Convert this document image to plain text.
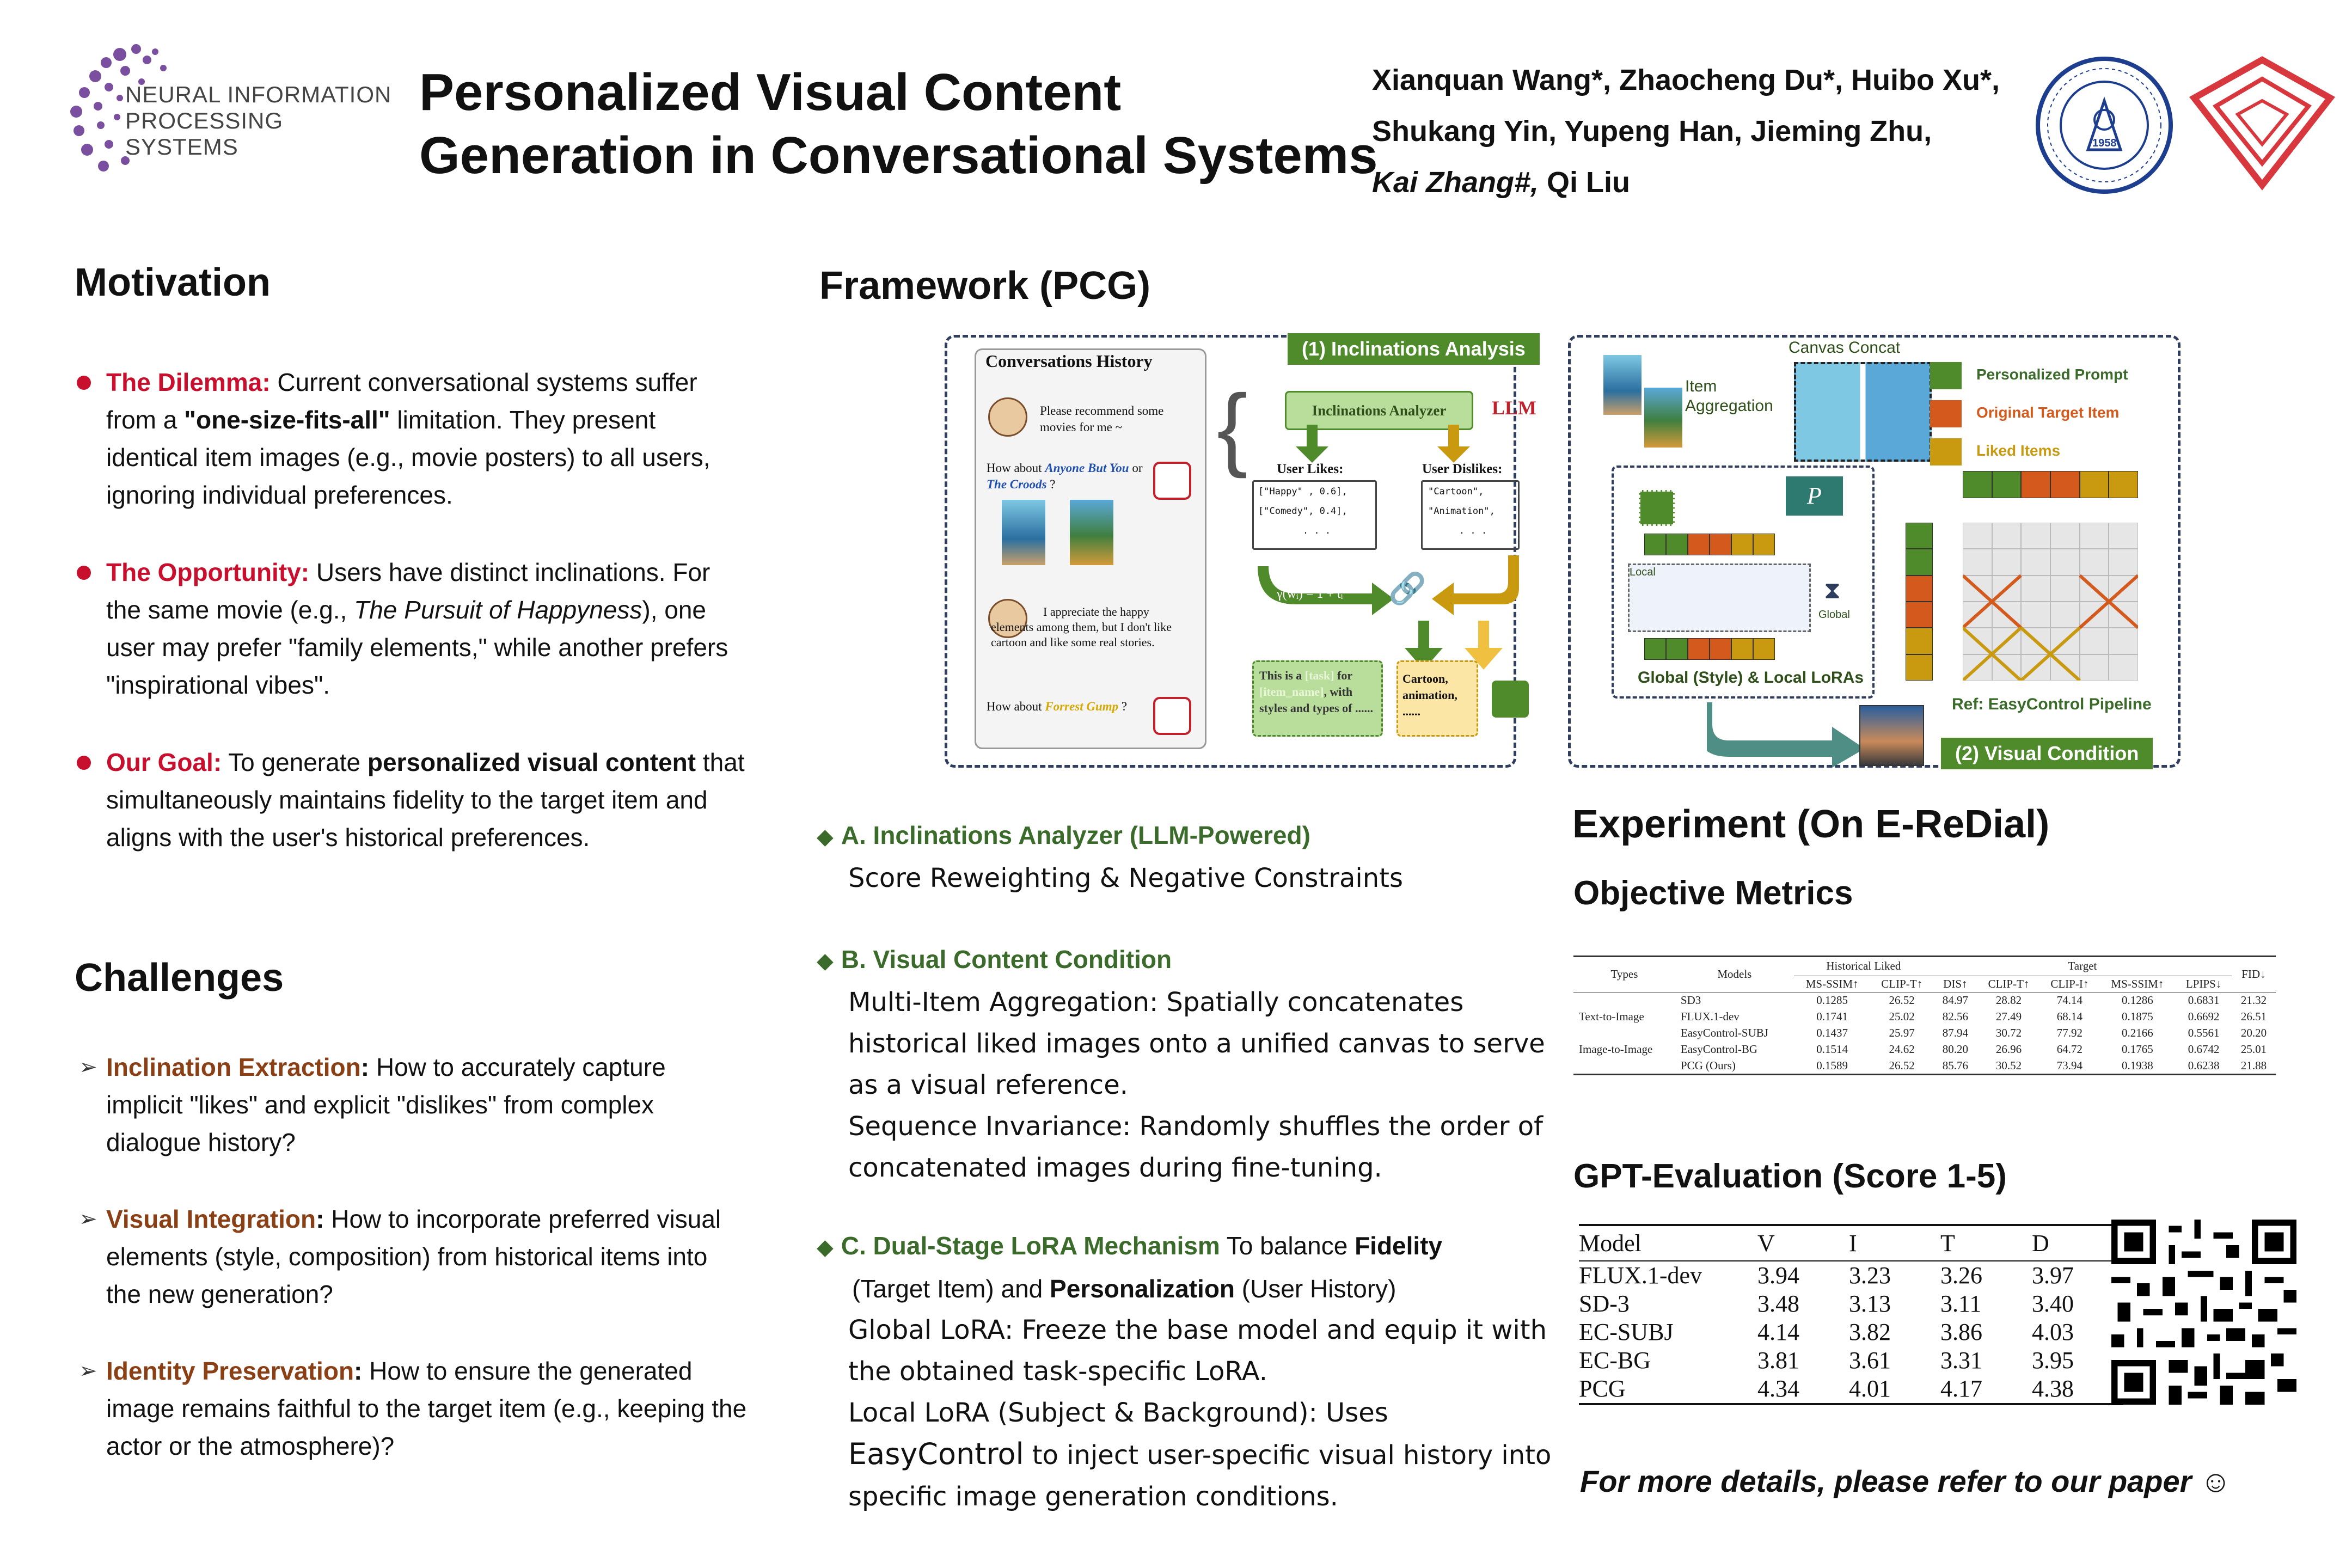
NEURAL INFORMATION
PROCESSING SYSTEMS
Personalized Visual Content
Generation in Conversational Systems
Xianquan Wang*, Zhaocheng Du*, Huibo Xu*,
Shukang Yin, Yupeng Han, Jieming Zhu,
Kai Zhang#, Qi Liu
1958
Motivation
The Dilemma: Current conversational systems suffer from a "one-size-fits-all" limitation. They present identical item images (e.g., movie posters) to all users, ignoring individual preferences.
The Opportunity: Users have distinct inclinations. For the same movie (e.g., The Pursuit of Happyness), one user may prefer "family elements," while another prefers "inspirational vibes".
Our Goal: To generate personalized visual content that simultaneously maintains fidelity to the target item and aligns with the user's historical preferences.
Challenges
➢ Inclination Extraction: How to accurately capture implicit "likes" and explicit "dislikes" from complex dialogue history?
➢ Visual Integration: How to incorporate preferred visual elements (style, composition) from historical items into the new generation?
➢ Identity Preservation: How to ensure the generated image remains faithful to the target item (e.g., keeping the actor or the atmosphere)?
Framework (PCG)
Conversations History
Please recommend some movies for me ~
How about Anyone But You or The Croods ?
I appreciate the happy elements among them, but I don't like cartoon and like some real stories.
How about Forrest Gump ?
{
(1) Inclinations Analysis
Inclinations Analyzer	LLM
🔗
User Likes:
["Happy" , 0.6],
["Comedy", 0.4],
. . .
User Dislikes:
"Cartoon",
"Animation",
. . .
γ(wᵢ) = 1 + tᵢ
This is a [task] for [item_name], with styles and types of ......
Cartoon, animation, ......
Item Aggregation
Canvas Concat
P
Local
Global
⧗
Global (Style) & Local LoRAs
Personalized Prompt
Original Target Item
Liked Items
Ref: EasyControl Pipeline
(2) Visual Condition
◆ A. Inclinations Analyzer (LLM-Powered)
Score Reweighting & Negative Constraints
◆ B. Visual Content Condition
Multi-Item Aggregation: Spatially concatenates historical liked images onto a unified canvas to serve as a visual reference.
Sequence Invariance: Randomly shuffles the order of concatenated images during fine-tuning.
◆ C. Dual-Stage LoRA Mechanism To balance Fidelity
(Target Item) and Personalization (User History)
Global LoRA: Freeze the base model and equip it with the obtained task-specific LoRA.
Local LoRA (Subject & Background): Uses EasyControl to inject user-specific visual history into specific image generation conditions.
Experiment (On E-ReDial)
Objective Metrics
Types	Models	Historical Liked		Target					FID↓
		MS-SSIM↑	CLIP-T↑	DIS↑	CLIP-T↑	CLIP-I↑	MS-SSIM↑	LPIPS↓	
	SD3	0.1285	26.52	84.97	28.82	74.14	0.1286	0.6831	21.32
Text-to-Image	FLUX.1-dev	0.1741	25.02	82.56	27.49	68.14	0.1875	0.6692	26.51
	EasyControl-SUBJ	0.1437	25.97	87.94	30.72	77.92	0.2166	0.5561	20.20
Image-to-Image	EasyControl-BG	0.1514	24.62	80.20	26.96	64.72	0.1765	0.6742	25.01
	PCG (Ours)	0.1589	26.52	85.76	30.52	73.94	0.1938	0.6238	21.88
GPT-Evaluation (Score 1-5)
Model	V	I	T	D
FLUX.1-dev	3.94	3.23	3.26	3.97
SD-3	3.48	3.13	3.11	3.40
EC-SUBJ	4.14	3.82	3.86	4.03
EC-BG	3.81	3.61	3.31	3.95
PCG	4.34	4.01	4.17	4.38
For more details, please refer to our paper ☺
